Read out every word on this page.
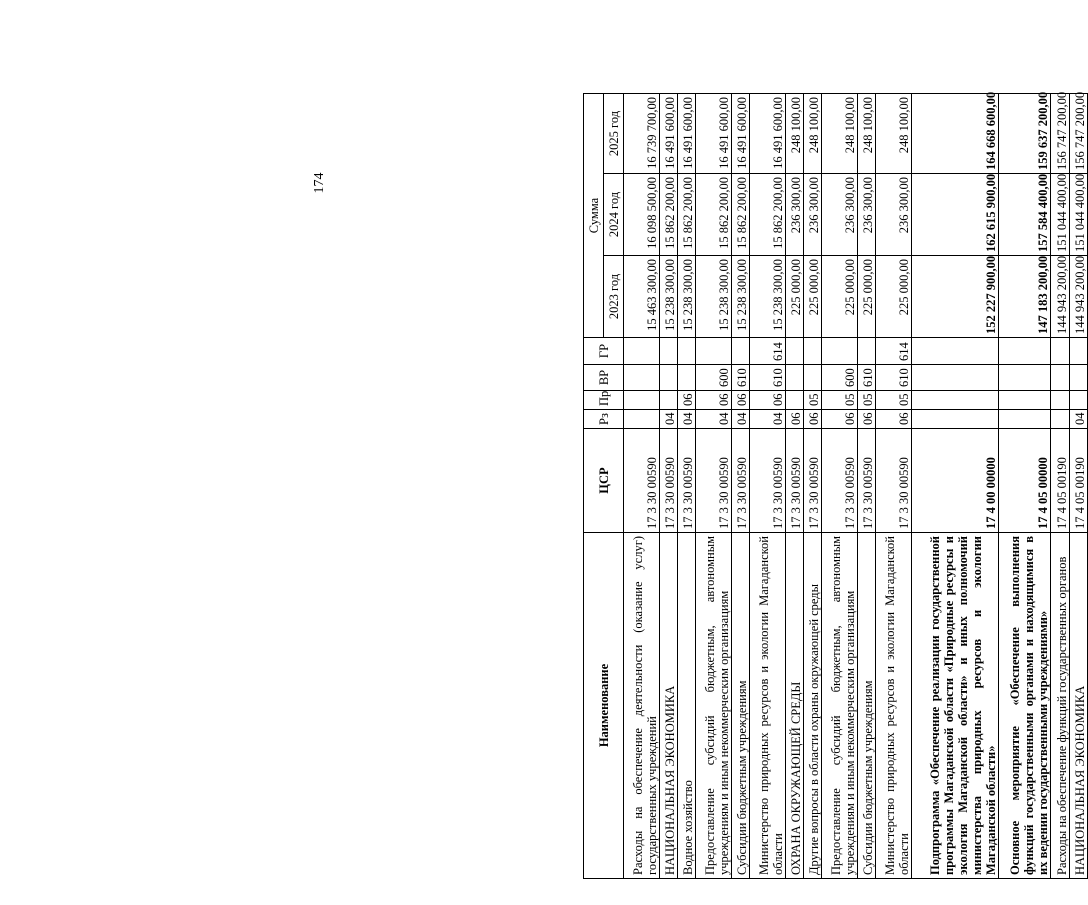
174
Наименование	ЦСР	Рз	Пр	ВР	ГР	Сумма		
						2023 год	2024 год	2025 год
Расходы на обеспечение деятельности (оказание услуг) государственных учреждений	17 3 30 00590					15 463 300,00	16 098 500,00	16 739 700,00
НАЦИОНАЛЬНАЯ ЭКОНОМИКА	17 3 30 00590	04				15 238 300,00	15 862 200,00	16 491 600,00
Водное хозяйство	17 3 30 00590	04	06			15 238 300,00	15 862 200,00	16 491 600,00
Предоставление субсидий бюджетным, автономным учреждениям и иным некоммерческим организациям	17 3 30 00590	04	06	600		15 238 300,00	15 862 200,00	16 491 600,00
Субсидии бюджетным учреждениям	17 3 30 00590	04	06	610		15 238 300,00	15 862 200,00	16 491 600,00
Министерство природных ресурсов и экологии Магаданской области	17 3 30 00590	04	06	610	614	15 238 300,00	15 862 200,00	16 491 600,00
ОХРАНА ОКРУЖАЮЩЕЙ СРЕДЫ	17 3 30 00590	06				225 000,00	236 300,00	248 100,00
Другие вопросы в области охраны окружающей среды	17 3 30 00590	06	05			225 000,00	236 300,00	248 100,00
Предоставление субсидий бюджетным, автономным учреждениям и иным некоммерческим организациям	17 3 30 00590	06	05	600		225 000,00	236 300,00	248 100,00
Субсидии бюджетным учреждениям	17 3 30 00590	06	05	610		225 000,00	236 300,00	248 100,00
Министерство природных ресурсов и экологии Магаданской области	17 3 30 00590	06	05	610	614	225 000,00	236 300,00	248 100,00
Подпрограмма «Обеспечение реализации государственной программы Магаданской области «Природные ресурсы и экология Магаданской области» и иных полномочий министерства природных ресурсов и экологии Магаданской области»	17 4 00 00000					152 227 900,00	162 615 900,00	164 668 600,00
Основное мероприятие «Обеспечение выполнения функций государственными органами и находящимися в их ведении государственными учреждениями»	17 4 05 00000					147 183 200,00	157 584 400,00	159 637 200,00
Расходы на обеспечение функций государственных органов	17 4 05 00190					144 943 200,00	151 044 400,00	156 747 200,00
НАЦИОНАЛЬНАЯ ЭКОНОМИКА	17 4 05 00190	04				144 943 200,00	151 044 400,00	156 747 200,00
